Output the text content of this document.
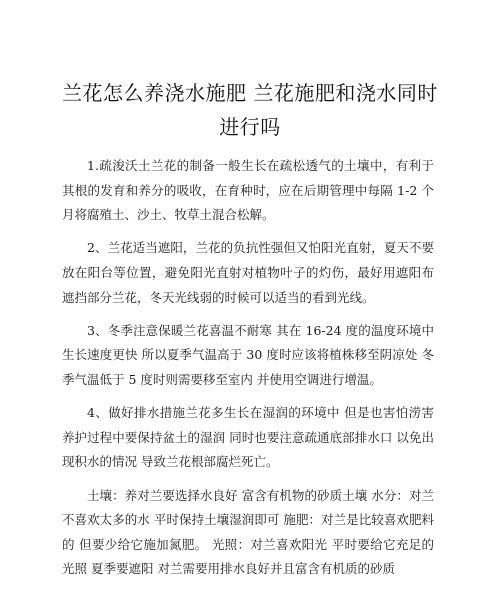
兰花怎么养浇水施肥 兰花施肥和浇水同时
进行吗

1.疏浚沃土兰花的制备一般生长在疏松透气的土壤中，有利于其根的发育和养分的吸收，在育种时，应在后期管理中每隔 1-2 个月将腐殖土、沙土、牧草土混合松解。

2、兰花适当遮阳，兰花的负抗性强但又怕阳光直射，夏天不要放在阳台等位置，避免阳光直射对植物叶子的灼伤，最好用遮阳布遮挡部分兰花，冬天光线弱的时候可以适当的看到光线。

3、冬季注意保暖兰花喜温不耐寒 其在 16-24 度的温度环境中生长速度更快 所以夏季气温高于 30 度时应该将植株移至阴凉处 冬季气温低于 5 度时则需要移至室内 并使用空调进行增温。

4、做好排水措施兰花多生长在湿润的环境中 但是也害怕涝害养护过程中要保持盆土的湿润 同时也要注意疏通底部排水口 以免出现积水的情况 导致兰花根部腐烂死亡。

土壤：养对兰要选择水良好 富含有机物的砂质土壤 水分：对兰不喜欢太多的水 平时保持土壤湿润即可 施肥：对兰是比较喜欢肥料的 但要少给它施加氮肥。 光照：对兰喜欢阳光 平时要给它充足的光照 夏季要遮阳 对兰需要用排水良好并且富含有机质的砂质
